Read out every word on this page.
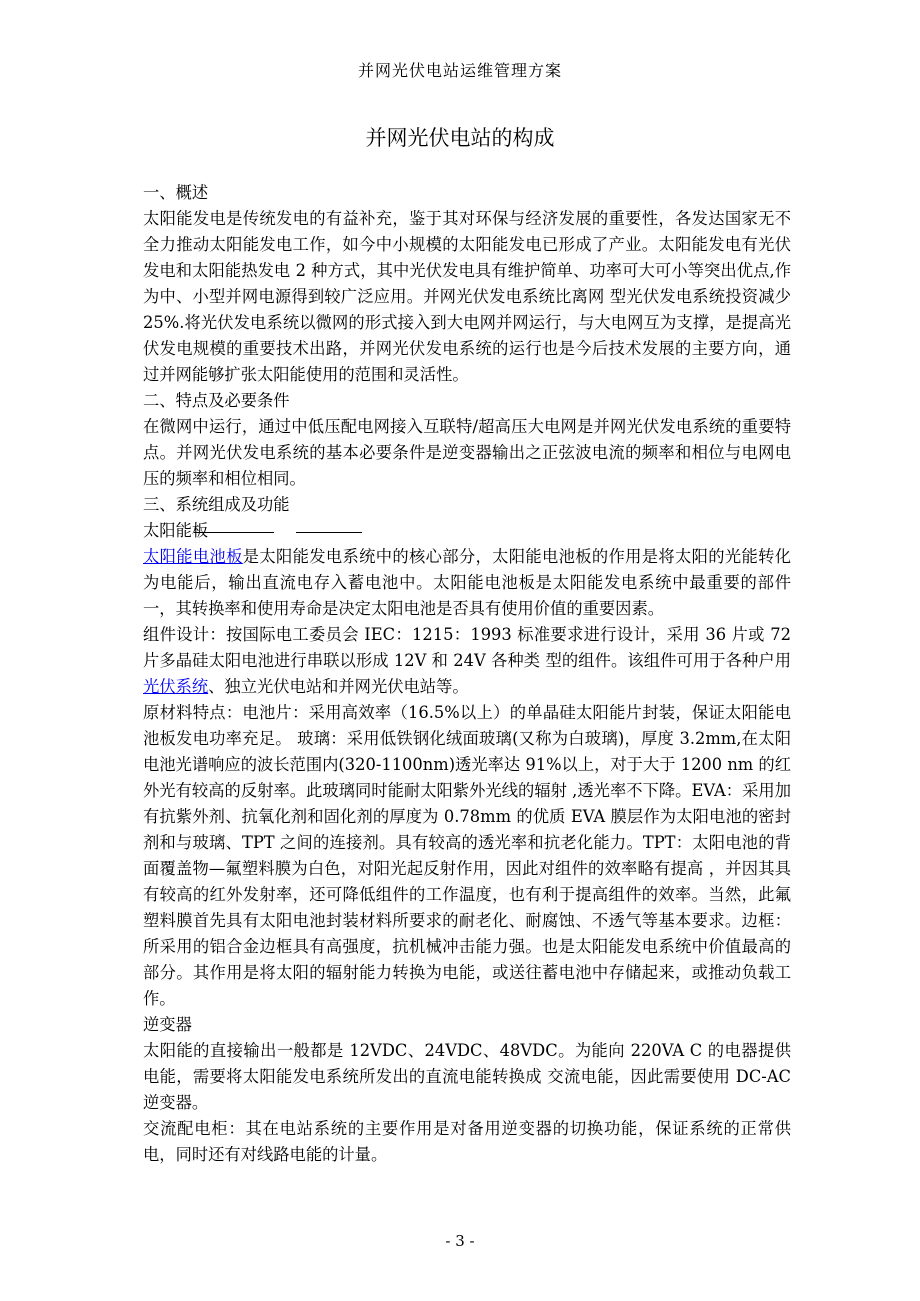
并网光伏电站运维管理方案
并网光伏电站的构成

一、概述

太阳能发电是传统发电的有益补充，鉴于其对环保与经济发展的重要性，各发达国家无不全力推动太阳能发电工作，如今中小规模的太阳能发电已形成了产业。太阳能发电有光伏发电和太阳能热发电 2 种方式，其中光伏发电具有维护简单、功率可大可小等突出优点,作为中、小型并网电源得到较广泛应用。并网光伏发电系统比离网 型光伏发电系统投资减少 25%.将光伏发电系统以微网的形式接入到大电网并网运行，与大电网互为支撑，是提高光伏发电规模的重要技术出路，并网光伏发电系统的运行也是今后技术发展的主要方向，通过并网能够扩张太阳能使用的范围和灵活性。

二、特点及必要条件

在微网中运行，通过中低压配电网接入互联特/超高压大电网是并网光伏发电系统的重要特点。并网光伏发电系统的基本必要条件是逆变器输出之正弦波电流的频率和相位与电网电压的频率和相位相同。

三、系统组成及功能

太阳能板

太阳能电池板是太阳能发电系统中的核心部分，太阳能电池板的作用是将太阳的光能转化为电能后，输出直流电存入蓄电池中。太阳能电池板是太阳能发电系统中最重要的部件一，其转换率和使用寿命是决定太阳电池是否具有使用价值的重要因素。

组件设计：按国际电工委员会 IEC：1215：1993 标准要求进行设计，采用 36 片或 72 片多晶硅太阳电池进行串联以形成 12V 和 24V 各种类 型的组件。该组件可用于各种户用光伏系统、独立光伏电站和并网光伏电站等。

原材料特点：电池片：采用高效率（16.5%以上）的单晶硅太阳能片封装，保证太阳能电池板发电功率充足。 玻璃：采用低铁钢化绒面玻璃(又称为白玻璃)，厚度 3.2mm,在太阳电池光谱响应的波长范围内(320-1100nm)透光率达 91%以上，对于大于 1200 nm 的红外光有较高的反射率。此玻璃同时能耐太阳紫外光线的辐射 ,透光率不下降。EVA：采用加有抗紫外剂、抗氧化剂和固化剂的厚度为 0.78mm 的优质 EVA 膜层作为太阳电池的密封剂和与玻璃、TPT 之间的连接剂。具有较高的透光率和抗老化能力。TPT：太阳电池的背面覆盖物—氟塑料膜为白色，对阳光起反射作用，因此对组件的效率略有提高 ，并因其具有较高的红外发射率，还可降低组件的工作温度，也有利于提高组件的效率。当然，此氟塑料膜首先具有太阳电池封装材料所要求的耐老化、耐腐蚀、不透气等基本要求。边框：所采用的铝合金边框具有高强度，抗机械冲击能力强。也是太阳能发电系统中价值最高的部分。其作用是将太阳的辐射能力转换为电能，或送往蓄电池中存储起来，或推动负载工作。

逆变器

太阳能的直接输出一般都是 12VDC、24VDC、48VDC。为能向 220VA C 的电器提供电能，需要将太阳能发电系统所发出的直流电能转换成 交流电能，因此需要使用 DC-AC 逆变器。

交流配电柜：其在电站系统的主要作用是对备用逆变器的切换功能，保证系统的正常供电，同时还有对线路电能的计量。

- 3 -
